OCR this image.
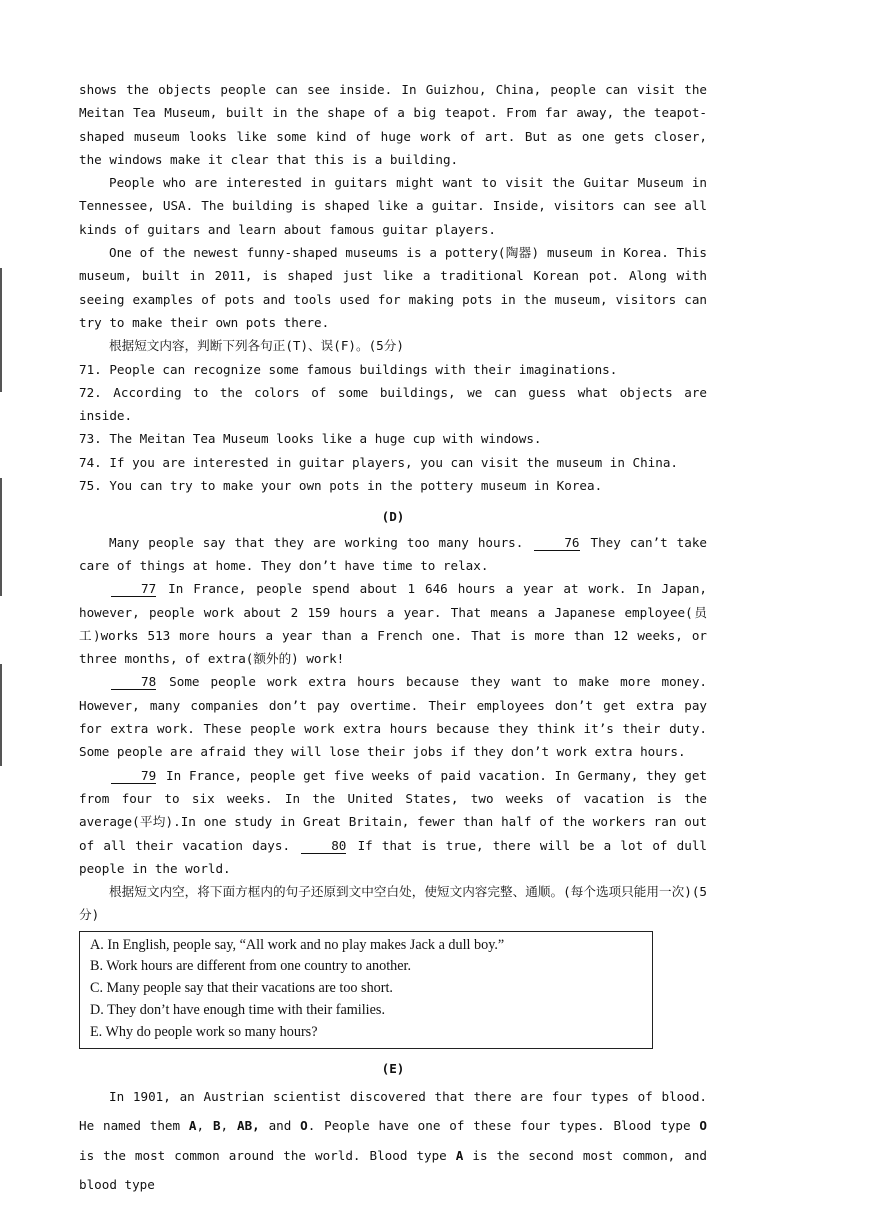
shows the objects people can see inside. In Guizhou, China, people can visit the Meitan Tea Museum, built in the shape of a big teapot. From far away, the teapot-shaped museum looks like some kind of huge work of art. But as one gets closer, the windows make it clear that this is a building.

People who are interested in guitars might want to visit the Guitar Museum in Tennessee, USA. The building is shaped like a guitar. Inside, visitors can see all kinds of guitars and learn about famous guitar players.

One of the newest funny-shaped museums is a pottery(陶器) museum in Korea. This museum, built in 2011, is shaped just like a traditional Korean pot. Along with seeing examples of pots and tools used for making pots in the museum, visitors can try to make their own pots there.

根据短文内容，判断下列各句正(T)、误(F)。(5分)

71. People can recognize some famous buildings with their imaginations.

72. According to the colors of some buildings, we can guess what objects are inside.

73. The Meitan Tea Museum looks like a huge cup with windows.

74. If you are interested in guitar players, you can visit the museum in China.

75. You can try to make your own pots in the pottery museum in Korea.

(D)

Many people say that they are working too many hours.	76 They can’t take care of things at home. They don’t have time to relax.

77 In France, people spend about 1 646 hours a year at work. In Japan, however, people work about 2 159 hours a year. That means a Japanese employee(员工)works 513 more hours a year than a French one. That is more than 12 weeks, or three months, of extra(额外的) work!

78 Some people work extra hours because they want to make more money. However, many companies don’t pay overtime. Their employees don’t get extra pay for extra work. These people work extra hours because they think it’s their duty. Some people are afraid they will lose their jobs if they don’t work extra hours.

79 In France, people get five weeks of paid vacation. In Germany, they get from four to six weeks. In the United States, two weeks of vacation is the average(平均).In one study in Great Britain, fewer than half of the workers ran out of all their vacation days.	80 If that is true, there will be a lot of dull people in the world.

根据短文内空，将下面方框内的句子还原到文中空白处，使短文内容完整、通顺。(每个选项只能用一次)(5分)

A. In English, people say, “All work and no play makes Jack a dull boy.”
B. Work hours are different from one country to another.
C. Many people say that their vacations are too short.
D. They don’t have enough time with their families.
E. Why do people work so many hours?
(E)

In 1901, an Austrian scientist discovered that there are four types of blood. He named them A, B, AB, and O. People have one of these four types. Blood type O is the most common around the world. Blood type A is the second most common, and blood type
